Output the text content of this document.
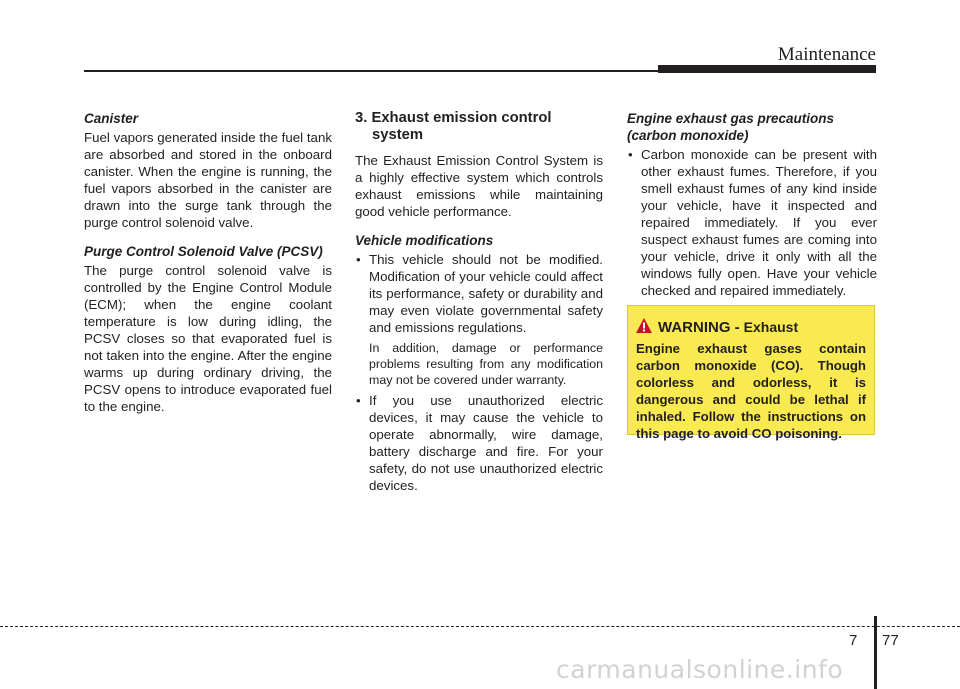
Maintenance
Canister
Fuel vapors generated inside the fuel tank are absorbed and stored in the onboard canister. When the engine is running, the fuel vapors absorbed in the canister are drawn into the surge tank through the purge control solenoid valve.
Purge Control Solenoid Valve (PCSV)
The purge control solenoid valve is controlled by the Engine Control Module (ECM); when the engine coolant temperature is low during idling, the PCSV closes so that evaporated fuel is not taken into the engine. After the engine warms up during ordinary driving, the PCSV opens to introduce evaporated fuel to the engine.
3. Exhaust emission control system
The Exhaust Emission Control System is a highly effective system which controls exhaust emissions while maintaining good vehicle performance.
Vehicle modifications
• This vehicle should not be modified. Modification of your vehicle could affect its performance, safety or durability and may even violate governmental safety and emissions regulations.
In addition, damage or performance problems resulting from any modification may not be covered under warranty.
• If you use unauthorized electric devices, it may cause the vehicle to operate abnormally, wire damage, battery discharge and fire. For your safety, do not use unauthorized electric devices.
Engine exhaust gas precautions (carbon monoxide)
• Carbon monoxide can be present with other exhaust fumes. Therefore, if you smell exhaust fumes of any kind inside your vehicle, have it inspected and repaired immediately. If you ever suspect exhaust fumes are coming into your vehicle, drive it only with all the windows fully open. Have your vehicle checked and repaired immediately.
WARNING - Exhaust
Engine exhaust gases contain carbon monoxide (CO). Though colorless and odorless, it is dangerous and could be lethal if inhaled. Follow the instructions on this page to avoid CO poisoning.
7 77
carmanualsonline.info
